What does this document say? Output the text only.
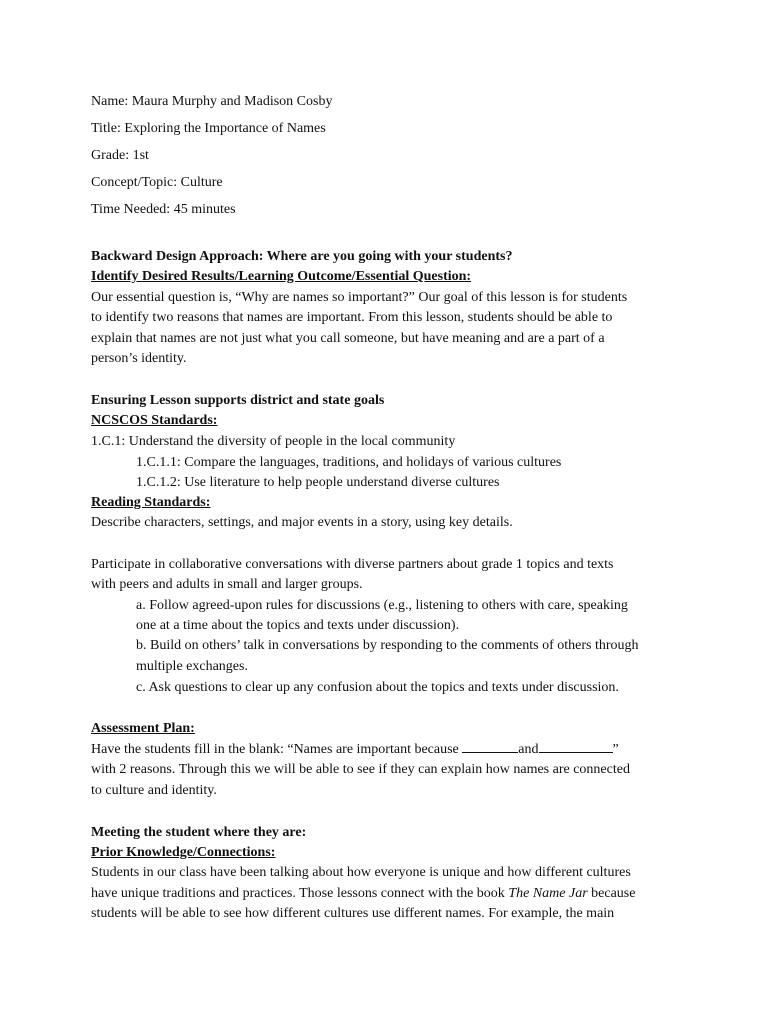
Name: Maura Murphy and Madison Cosby
Title: Exploring the Importance of Names
Grade: 1st
Concept/Topic: Culture
Time Needed: 45 minutes
Backward Design Approach: Where are you going with your students?
Identify Desired Results/Learning Outcome/Essential Question:
Our essential question is, “Why are names so important?” Our goal of this lesson is for students
to identify two reasons that names are important. From this lesson, students should be able to
explain that names are not just what you call someone, but have meaning and are a part of a
person’s identity.
Ensuring Lesson supports district and state goals
NCSCOS Standards:
1.C.1: Understand the diversity of people in the local community
1.C.1.1: Compare the languages, traditions, and holidays of various cultures
1.C.1.2: Use literature to help people understand diverse cultures
Reading Standards:
Describe characters, settings, and major events in a story, using key details.
Participate in collaborative conversations with diverse partners about grade 1 topics and texts
with peers and adults in small and larger groups.
a. Follow agreed-upon rules for discussions (e.g., listening to others with care, speaking
one at a time about the topics and texts under discussion).
b. Build on others’ talk in conversations by responding to the comments of others through
multiple exchanges.
c. Ask questions to clear up any confusion about the topics and texts under discussion.
Assessment Plan:
Have the students fill in the blank: “Names are important because	and	”
with 2 reasons. Through this we will be able to see if they can explain how names are connected
to culture and identity.
Meeting the student where they are:
Prior Knowledge/Connections:
Students in our class have been talking about how everyone is unique and how different cultures
have unique traditions and practices. Those lessons connect with the book The Name Jar because
students will be able to see how different cultures use different names. For example, the main
